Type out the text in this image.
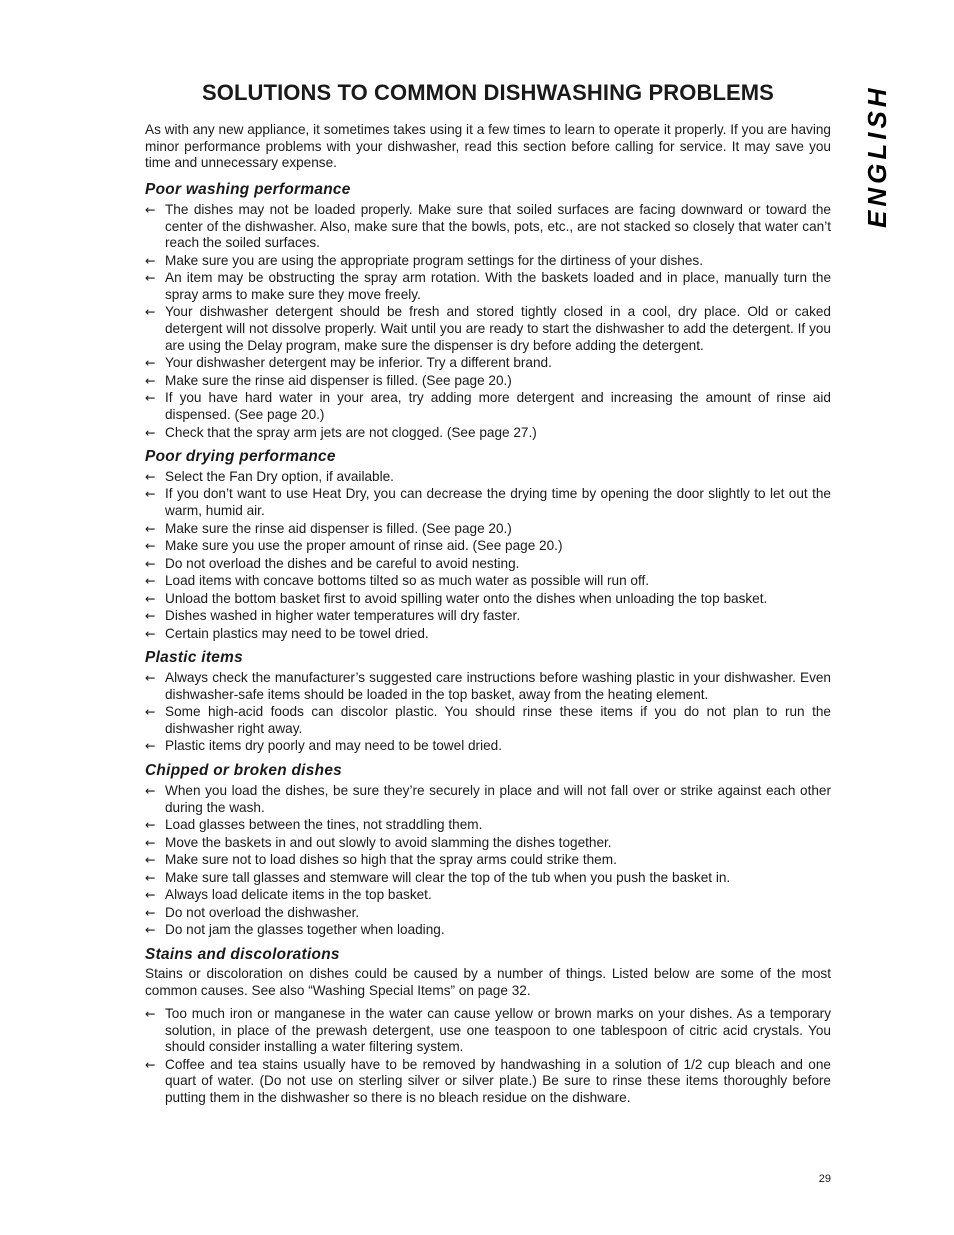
SOLUTIONS TO COMMON DISHWASHING PROBLEMS	ENGLISH

As with any new appliance, it sometimes takes using it a few times to learn to operate it properly. If you are having minor performance problems with your dishwasher, read this section before calling for service. It may save you time and unnecessary expense.

Poor washing performance
← The dishes may not be loaded properly. Make sure that soiled surfaces are facing downward or toward the center of the dishwasher. Also, make sure that the bowls, pots, etc., are not stacked so closely that water can’t reach the soiled surfaces.
← Make sure you are using the appropriate program settings for the dirtiness of your dishes.
← An item may be obstructing the spray arm rotation. With the baskets loaded and in place, manually turn the spray arms to make sure they move freely.
← Your dishwasher detergent should be fresh and stored tightly closed in a cool, dry place. Old or caked detergent will not dissolve properly. Wait until you are ready to start the dishwasher to add the detergent. If you are using the Delay program, make sure the dispenser is dry before adding the detergent.
← Your dishwasher detergent may be inferior. Try a different brand.
← Make sure the rinse aid dispenser is filled. (See page 20.)
← If you have hard water in your area, try adding more detergent and increasing the amount of rinse aid dispensed. (See page 20.)
← Check that the spray arm jets are not clogged. (See page 27.)
Poor drying performance
← Select the Fan Dry option, if available.
← If you don’t want to use Heat Dry, you can decrease the drying time by opening the door slightly to let out the warm, humid air.
← Make sure the rinse aid dispenser is filled. (See page 20.)
← Make sure you use the proper amount of rinse aid. (See page 20.)
← Do not overload the dishes and be careful to avoid nesting.
← Load items with concave bottoms tilted so as much water as possible will run off.
← Unload the bottom basket first to avoid spilling water onto the dishes when unloading the top basket.
← Dishes washed in higher water temperatures will dry faster.
← Certain plastics may need to be towel dried.
Plastic items
← Always check the manufacturer’s suggested care instructions before washing plastic in your dishwasher. Even dishwasher-safe items should be loaded in the top basket, away from the heating element.
← Some high-acid foods can discolor plastic. You should rinse these items if you do not plan to run the dishwasher right away.
← Plastic items dry poorly and may need to be towel dried.
Chipped or broken dishes
← When you load the dishes, be sure they’re securely in place and will not fall over or strike against each other during the wash.
← Load glasses between the tines, not straddling them.
← Move the baskets in and out slowly to avoid slamming the dishes together.
← Make sure not to load dishes so high that the spray arms could strike them.
← Make sure tall glasses and stemware will clear the top of the tub when you push the basket in.
← Always load delicate items in the top basket.
← Do not overload the dishwasher.
← Do not jam the glasses together when loading.
Stains and discolorations

Stains or discoloration on dishes could be caused by a number of things. Listed below are some of the most common causes. See also “Washing Special Items” on page 32.

← Too much iron or manganese in the water can cause yellow or brown marks on your dishes. As a temporary solution, in place of the prewash detergent, use one teaspoon to one tablespoon of citric acid crystals. You should consider installing a water filtering system.
← Coffee and tea stains usually have to be removed by handwashing in a solution of 1/2 cup bleach and one quart of water. (Do not use on sterling silver or silver plate.) Be sure to rinse these items thoroughly before putting them in the dishwasher so there is no bleach residue on the dishware.
29
